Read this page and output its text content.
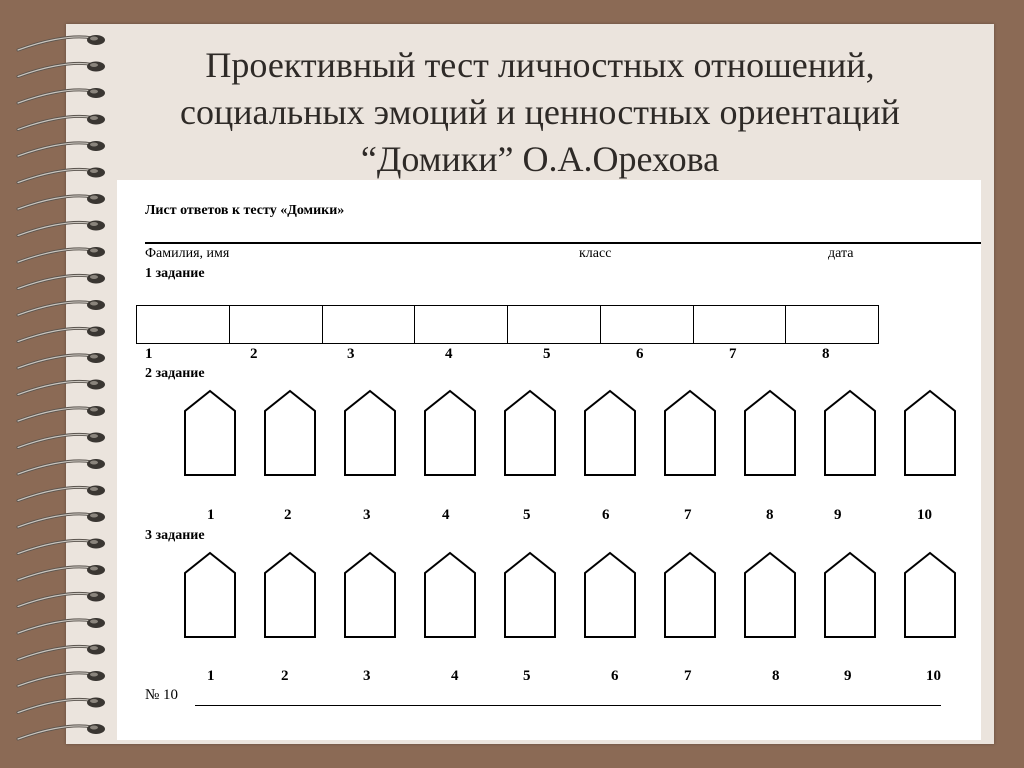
Проективный тест личностных отношений,
социальных эмоций и ценностных ориентаций
“Домики” О.А.Орехова
Лист ответов к тесту «Домики»
Фамилия, имя	класс	дата
1 задание
1	2	3	4	5	6	7	8
2 задание
1	2	3	4	5	6	7	8	9	10
3 задание
1	2	3	4	5	6	7	8	9	10
№ 10
